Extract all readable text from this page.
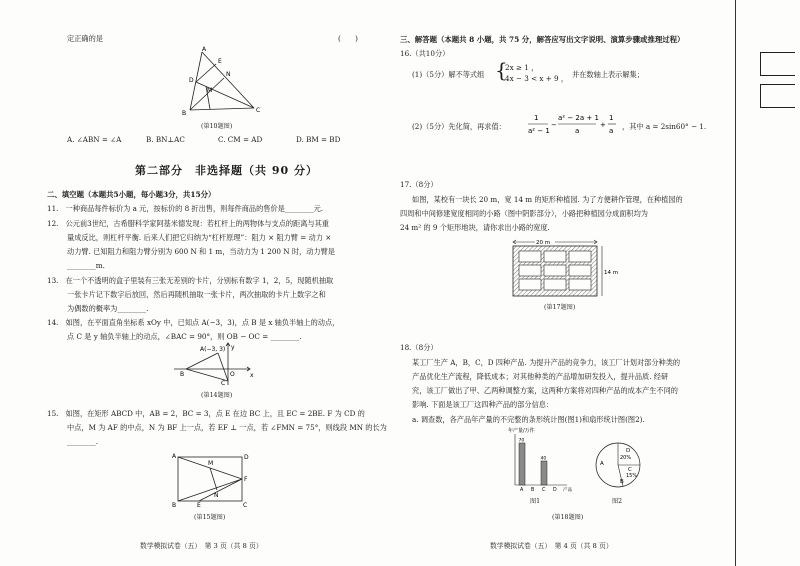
定正确的是	(　　)
A
D
B
N
M
C
E
(第10题图)
A. ∠ABN = ∠A	B. BN⊥AC	C. CM = AD	D. BM = BD
第二部分　非选择题（共 90 分）
二、填空题（本题共5小题，每小题3分，共15分）
11.　一种商品每件标价为 a 元，按标价的 8 折出售，则每件商品的售价是________元.
12.　公元前3世纪，古希腊科学家阿基米德发现：若杠杆上的两物体与支点的距离与其重
量成反比，则杠杆平衡. 后来人们把它归纳为“杠杆原理”：阻力 × 阻力臂 = 动力 ×
动力臂. 已知阻力和阻力臂分别为 600 N 和 1 m，当动力为 1 200 N 时，动力臂是
________m.
13.　在一个不透明的盒子里装有三张无差别的卡片，分别标有数字 1，2，5，现随机抽取
一张卡片记下数字后放回，然后再随机抽取一张卡片，两次抽取的卡片上数字之和
为偶数的概率为________.
14.　如图，在平面直角坐标系 xOy 中，已知点 A(−3，3)，点 B 是 x 轴负半轴上的动点，
点 C 是 y 轴负半轴上的动点，∠BAC = 90°，则 OB − OC = ________.
y
A(−3, 3)
B	O
C
x
(第14题图)
15.　如图，在矩形 ABCD 中，AB = 2，BC = 3，点 E 在边 BC 上，且 EC = 2BE. F 为 CD 的
中点，M 为 AF 的中点，N 为 BF 上一点，若 EF ⊥ 一点，若 ∠FMN = 75°，则线段 MN 的长为
________.
A	D
M
F
N
B	E	C
(第15题图)
数学模拟试卷（五）　第 3 页（共 8 页）
三、解答题（本题共 8 小题，共 75 分，解答应写出文字说明、演算步骤或推理过程）
16.（共10分）
(1)（5分）解不等式组 {
2x ≥ 1 ，
4x − 3 < x + 9 ， 并在数轴上表示解集；
(2)（5分）先化简，再求值：
1
a² − 1
−
a² − 2a + 1
a
+
1
a ，其中 a = 2sin60° − 1.
17.（8分）
如图，某校有一块长 20 m，宽 14 m 的矩形种植园. 为了方便耕作管理，在种植园的
四周和中间修建宽度相同的小路（图中阴影部分），小路把种植园分成面积均为
24 m² 的 9 个矩形地块，请你求出小路的宽度.
20 m
14 m
(第17题图)
18.（8分）
某工厂生产 A，B，C，D 四种产品. 为提升产品的竞争力，该工厂计划对部分种类的
产品优化生产流程，降低成本；对其他种类的产品增加研发投入，提升品质. 经研
究，该工厂做出了甲、乙两种调整方案，这两种方案将对四种产品的成本产生不同的
影响. 下面是该工厂这四种产品的部分信息：
a. 调查数，各产品年产量的不完整的条形统计图(图1)和扇形统计图(图2).
年产量/万件
70
A B
40
C D 产品
图1
A
B
C
D
20%
15%
图2
(第18题图)
数学模拟试卷（五）　第 4 页（共 8 页）
